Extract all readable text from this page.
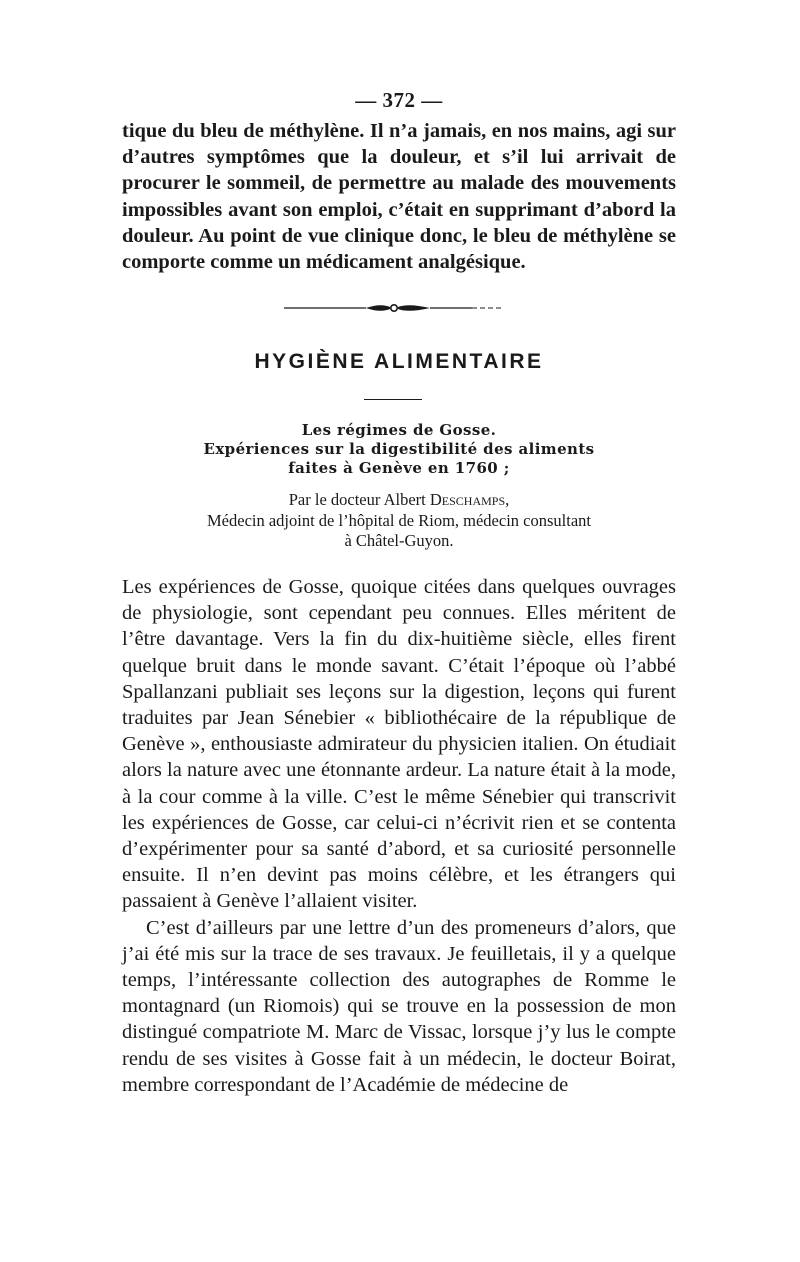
— 372 —

tique du bleu de méthylène. Il n’a jamais, en nos mains, agi sur d’autres symptômes que la douleur, et s’il lui arrivait de procurer le sommeil, de permettre au malade des mouvements impossibles avant son emploi, c’était en supprimant d’abord la douleur. Au point de vue clinique donc, le bleu de méthylène se comporte comme un médicament analgésique.

HYGIÈNE ALIMENTAIRE
Les régimes de Gosse.
Expériences sur la digestibilité des aliments
faites à Genève en 1760 ;
Par le docteur Albert Deschamps,
Médecin adjoint de l’hôpital de Riom, médecin consultant
à Châtel-Guyon.

Les expériences de Gosse, quoique citées dans quelques ouvrages de physiologie, sont cependant peu connues. Elles méritent de l’être davantage. Vers la fin du dix-huitième siècle, elles firent quelque bruit dans le monde savant. C’était l’époque où l’abbé Spallanzani publiait ses leçons sur la digestion, leçons qui furent traduites par Jean Sénebier « bibliothécaire de la république de Genève », enthousiaste admirateur du physicien italien. On étudiait alors la nature avec une étonnante ardeur. La nature était à la mode, à la cour comme à la ville. C’est le même Sénebier qui transcrivit les expériences de Gosse, car celui-ci n’écrivit rien et se contenta d’expérimenter pour sa santé d’abord, et sa curiosité personnelle ensuite. Il n’en devint pas moins célèbre, et les étrangers qui passaient à Genève l’allaient visiter.

C’est d’ailleurs par une lettre d’un des promeneurs d’alors, que j’ai été mis sur la trace de ses travaux. Je feuilletais, il y a quelque temps, l’intéressante collection des autographes de Romme le montagnard (un Riomois) qui se trouve en la possession de mon distingué compatriote M. Marc de Vissac, lorsque j’y lus le compte rendu de ses visites à Gosse fait à un médecin, le docteur Boirat, membre correspondant de l’Académie de médecine de
